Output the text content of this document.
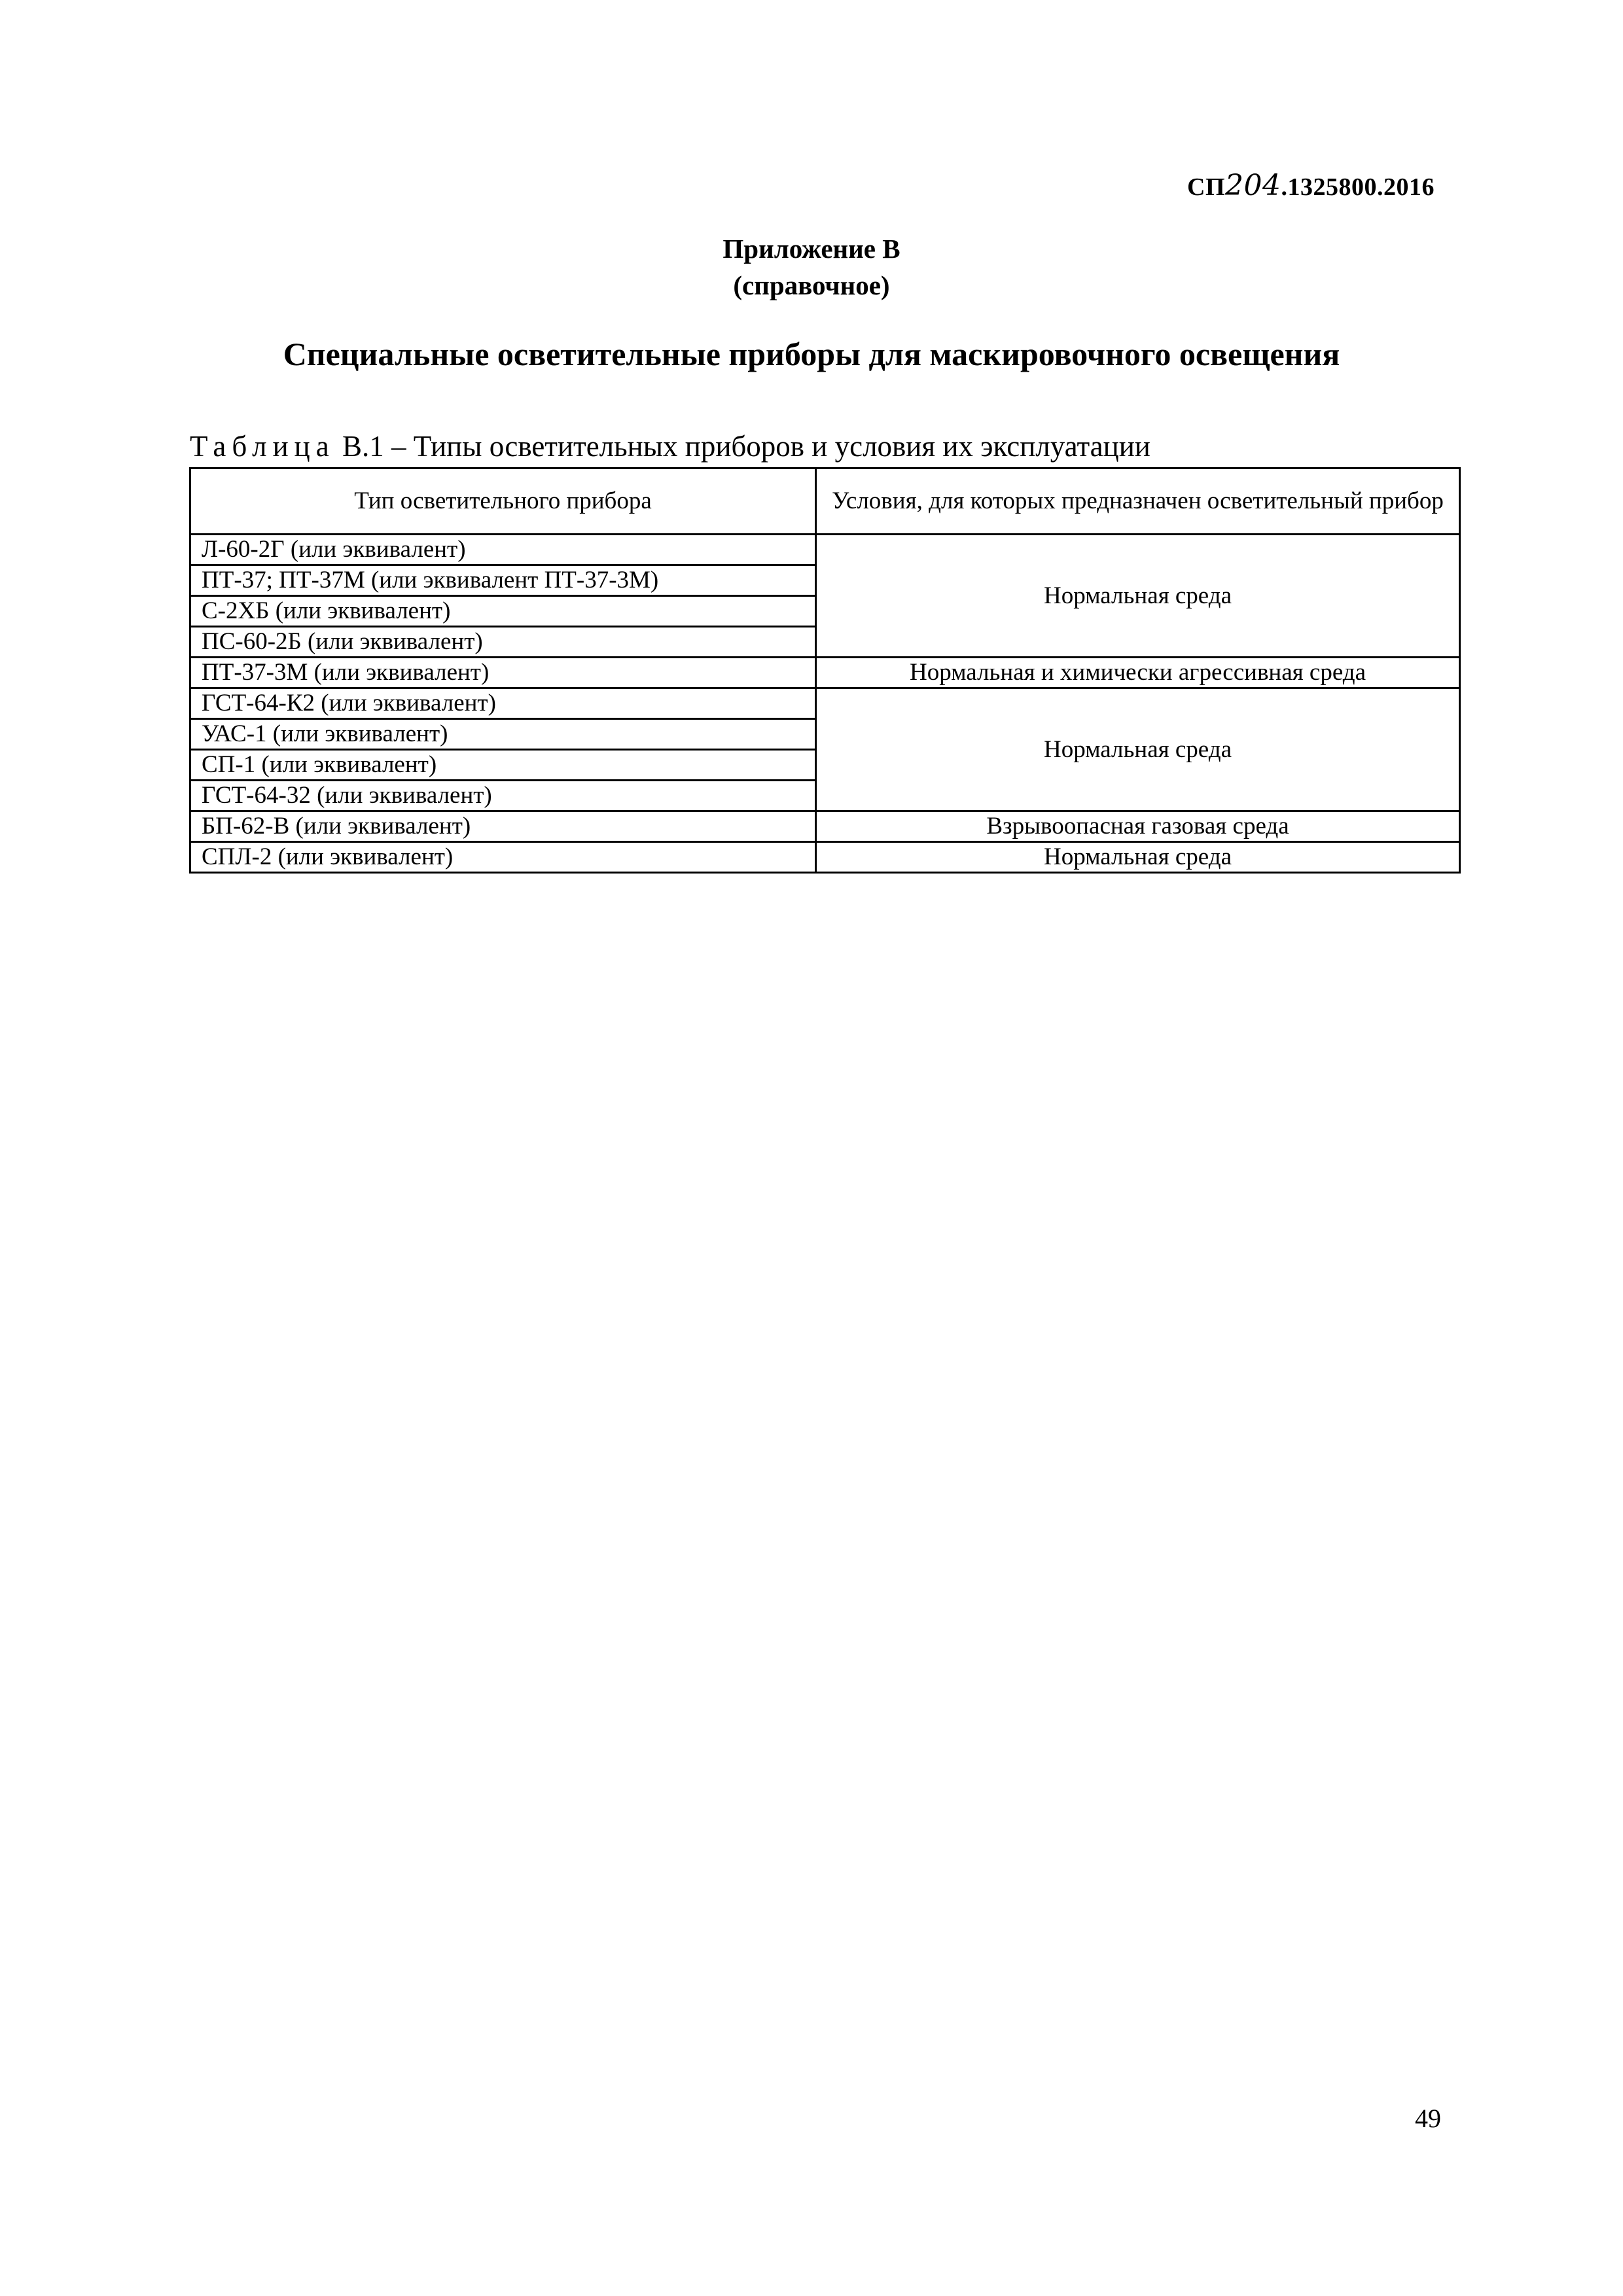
СП204.1325800.2016
Приложение В
(справочное)
Специальные осветительные приборы для маскировочного освещения
Таблица В.1 – Типы осветительных приборов и условия их эксплуатации
Тип осветительного прибора	Условия, для которых предназначен осветительный прибор
Л-60-2Г (или эквивалент)	Нормальная среда
ПТ-37; ПТ-37М (или эквивалент ПТ-37-3М)	
С-2ХБ (или эквивалент)	
ПС-60-2Б (или эквивалент)	
ПТ-37-3М (или эквивалент)	Нормальная и химически агрессивная среда
ГСТ-64-К2 (или эквивалент)	Нормальная среда
УАС-1 (или эквивалент)	
СП-1 (или эквивалент)	
ГСТ-64-32 (или эквивалент)	
БП-62-В (или эквивалент)	Взрывоопасная газовая среда
СПЛ-2 (или эквивалент)	Нормальная среда
49
